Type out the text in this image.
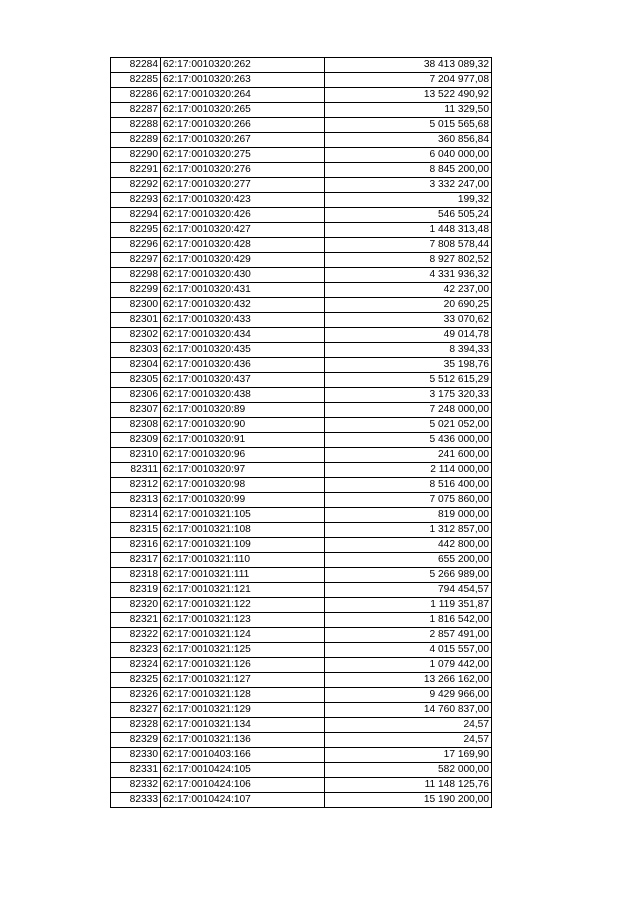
82284	62:17:0010320:262	38 413 089,32
82285	62:17:0010320:263	7 204 977,08
82286	62:17:0010320:264	13 522 490,92
82287	62:17:0010320:265	11 329,50
82288	62:17:0010320:266	5 015 565,68
82289	62:17:0010320:267	360 856,84
82290	62:17:0010320:275	6 040 000,00
82291	62:17:0010320:276	8 845 200,00
82292	62:17:0010320:277	3 332 247,00
82293	62:17:0010320:423	199,32
82294	62:17:0010320:426	546 505,24
82295	62:17:0010320:427	1 448 313,48
82296	62:17:0010320:428	7 808 578,44
82297	62:17:0010320:429	8 927 802,52
82298	62:17:0010320:430	4 331 936,32
82299	62:17:0010320:431	42 237,00
82300	62:17:0010320:432	20 690,25
82301	62:17:0010320:433	33 070,62
82302	62:17:0010320:434	49 014,78
82303	62:17:0010320:435	8 394,33
82304	62:17:0010320:436	35 198,76
82305	62:17:0010320:437	5 512 615,29
82306	62:17:0010320:438	3 175 320,33
82307	62:17:0010320:89	7 248 000,00
82308	62:17:0010320:90	5 021 052,00
82309	62:17:0010320:91	5 436 000,00
82310	62:17:0010320:96	241 600,00
82311	62:17:0010320:97	2 114 000,00
82312	62:17:0010320:98	8 516 400,00
82313	62:17:0010320:99	7 075 860,00
82314	62:17:0010321:105	819 000,00
82315	62:17:0010321:108	1 312 857,00
82316	62:17:0010321:109	442 800,00
82317	62:17:0010321:110	655 200,00
82318	62:17:0010321:111	5 266 989,00
82319	62:17:0010321:121	794 454,57
82320	62:17:0010321:122	1 119 351,87
82321	62:17:0010321:123	1 816 542,00
82322	62:17:0010321:124	2 857 491,00
82323	62:17:0010321:125	4 015 557,00
82324	62:17:0010321:126	1 079 442,00
82325	62:17:0010321:127	13 266 162,00
82326	62:17:0010321:128	9 429 966,00
82327	62:17:0010321:129	14 760 837,00
82328	62:17:0010321:134	24,57
82329	62:17:0010321:136	24,57
82330	62:17:0010403:166	17 169,90
82331	62:17:0010424:105	582 000,00
82332	62:17:0010424:106	11 148 125,76
82333	62:17:0010424:107	15 190 200,00
